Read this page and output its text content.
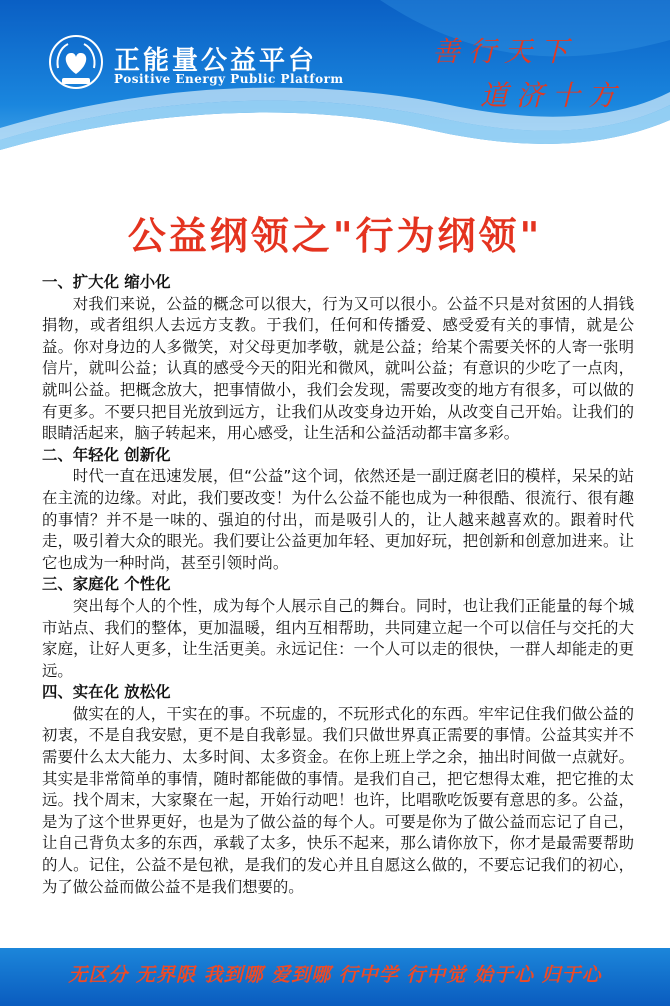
正能量公益平台

Positive Energy Public Platform

善行天下

道济十方

公益纲领之"行为纲领"

一、扩大化 缩小化

对我们来说，公益的概念可以很大，行为又可以很小。公益不只是对贫困的人捐钱捐物，或者组织人去远方支教。于我们，任何和传播爱、感受爱有关的事情，就是公益。你对身边的人多微笑，对父母更加孝敬，就是公益；给某个需要关怀的人寄一张明信片，就叫公益；认真的感受今天的阳光和微风，就叫公益；有意识的少吃了一点肉，就叫公益。把概念放大，把事情做小，我们会发现，需要改变的地方有很多，可以做的有更多。不要只把目光放到远方，让我们从改变身边开始，从改变自己开始。让我们的眼睛活起来，脑子转起来，用心感受，让生活和公益活动都丰富多彩。

二、年轻化 创新化

时代一直在迅速发展，但“公益”这个词，依然还是一副迂腐老旧的模样，呆呆的站在主流的边缘。对此，我们要改变！为什么公益不能也成为一种很酷、很流行、很有趣的事情？并不是一味的、强迫的付出，而是吸引人的，让人越来越喜欢的。跟着时代走，吸引着大众的眼光。我们要让公益更加年轻、更加好玩，把创新和创意加进来。让它也成为一种时尚，甚至引领时尚。

三、家庭化 个性化

突出每个人的个性，成为每个人展示自己的舞台。同时，也让我们正能量的每个城市站点、我们的整体，更加温暖，组内互相帮助，共同建立起一个可以信任与交托的大家庭，让好人更多，让生活更美。永远记住：一个人可以走的很快，一群人却能走的更远。

四、实在化 放松化

做实在的人，干实在的事。不玩虚的，不玩形式化的东西。牢牢记住我们做公益的初衷，不是自我安慰，更不是自我彰显。我们只做世界真正需要的事情。公益其实并不需要什么太大能力、太多时间、太多资金。在你上班上学之余，抽出时间做一点就好。其实是非常简单的事情，随时都能做的事情。是我们自己，把它想得太难，把它推的太远。找个周末，大家聚在一起，开始行动吧！也许，比唱歌吃饭要有意思的多。公益，是为了这个世界更好，也是为了做公益的每个人。可要是你为了做公益而忘记了自己，让自己背负太多的东西，承载了太多，快乐不起来，那么请你放下，你才是最需要帮助的人。记住，公益不是包袱，是我们的发心并且自愿这么做的，不要忘记我们的初心，为了做公益而做公益不是我们想要的。

无区分 无界限 我到哪 爱到哪 行中学 行中觉 始于心 归于心
